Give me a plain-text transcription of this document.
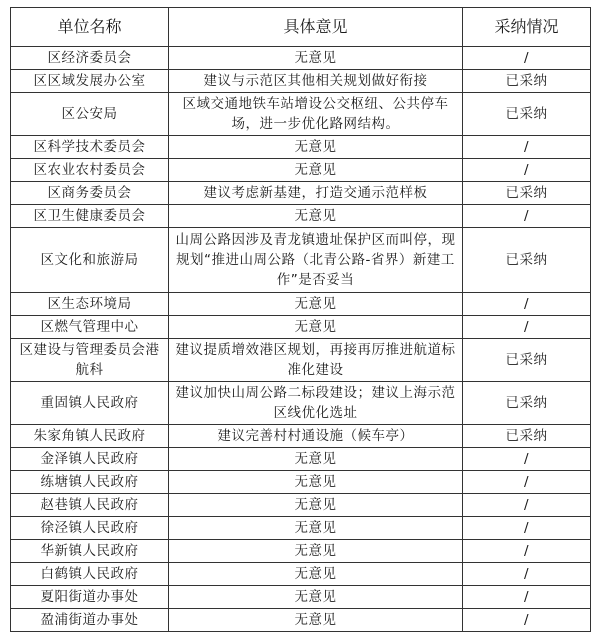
单位名称	具体意见	采纳情况
区经济委员会	无意见	/
区区域发展办公室	建议与示范区其他相关规划做好衔接	已采纳
区公安局	区域交通地铁车站增设公交枢纽、公共停车场，进一步优化路网结构。	已采纳
区科学技术委员会	无意见	/
区农业农村委员会	无意见	/
区商务委员会	建议考虑新基建，打造交通示范样板	已采纳
区卫生健康委员会	无意见	/
区文化和旅游局	山周公路因涉及青龙镇遗址保护区而叫停，现规划“推进山周公路（北青公路-省界）新建工作”是否妥当	已采纳
区生态环境局	无意见	/
区燃气管理中心	无意见	/
区建设与管理委员会港航科	建议提质增效港区规划，再接再厉推进航道标准化建设	已采纳
重固镇人民政府	建议加快山周公路二标段建设；建议上海示范区线优化选址	已采纳
朱家角镇人民政府	建议完善村村通设施（候车亭）	已采纳
金泽镇人民政府	无意见	/
练塘镇人民政府	无意见	/
赵巷镇人民政府	无意见	/
徐泾镇人民政府	无意见	/
华新镇人民政府	无意见	/
白鹤镇人民政府	无意见	/
夏阳街道办事处	无意见	/
盈浦街道办事处	无意见	/
